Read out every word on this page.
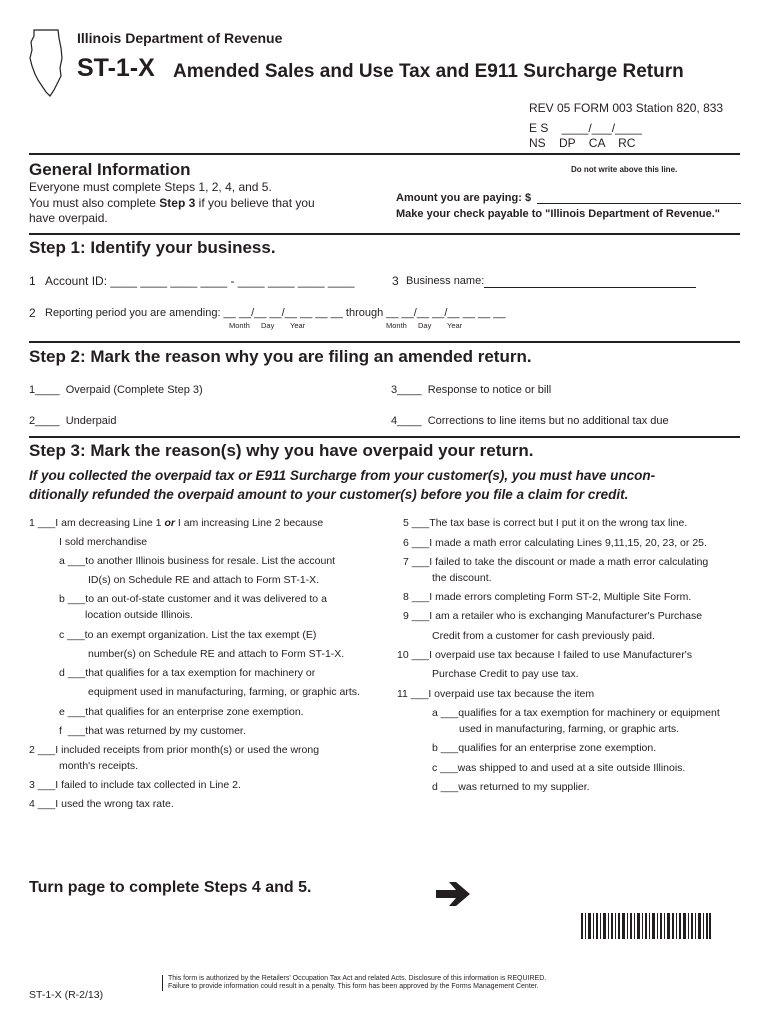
Illinois Department of Revenue
ST-1-X Amended Sales and Use Tax and E911 Surcharge Return
REV 05 FORM 003 Station 820, 833
E S    ____/___/____
NS    DP    CA    RC
General Information	Do not write above this line.
Everyone must complete Steps 1, 2, 4, and 5.
You must also complete Step 3 if you believe that you
have overpaid.
Amount you are paying: $
Make your check payable to "Illinois Department of Revenue."
Step 1: Identify your business.
1 Account ID: ____ ____ ____ ____ - ____ ____ ____ ____	3 Business name:
2 Reporting period you are amending: __ __/__ __/__ __ __ __ through __ __/__ __/__ __ __ __
Month Day Year	Month Day Year
Step 2: Mark the reason why you are filing an amended return.
1____  Overpaid (Complete Step 3)
2____  Underpaid
3____  Response to notice or bill
4____  Corrections to line items but no additional tax due
Step 3: Mark the reason(s) why you have overpaid your return.
If you collected the overpaid tax or E911 Surcharge from your customer(s), you must have uncon-
ditionally refunded the overpaid amount to your customer(s) before you file a claim for credit.
1 ___I am decreasing Line 1 or I am increasing Line 2 because
I sold merchandise
a ___to another Illinois business for resale. List the account
ID(s) on Schedule RE and attach to Form ST-1-X.
b ___to an out-of-state customer and it was delivered to a
location outside Illinois.
c ___to an exempt organization. List the tax exempt (E)
number(s) on Schedule RE and attach to Form ST-1-X.
d ___that qualifies for a tax exemption for machinery or
equipment used in manufacturing, farming, or graphic arts.
e ___that qualifies for an enterprise zone exemption.
f  ___that was returned by my customer.
2 ___I included receipts from prior month(s) or used the wrong
month's receipts.
3 ___I failed to include tax collected in Line 2.
4 ___I used the wrong tax rate.
5 ___The tax base is correct but I put it on the wrong tax line.
6 ___I made a math error calculating Lines 9,11,15, 20, 23, or 25.
7 ___I failed to take the discount or made a math error calculating
the discount.
8 ___I made errors completing Form ST-2, Multiple Site Form.
9 ___I am a retailer who is exchanging Manufacturer's Purchase
Credit from a customer for cash previously paid.
10 ___I overpaid use tax because I failed to use Manufacturer's
Purchase Credit to pay use tax.
11 ___I overpaid use tax because the item
a ___qualifies for a tax exemption for machinery or equipment
used in manufacturing, farming, or graphic arts.
b ___qualifies for an enterprise zone exemption.
c ___was shipped to and used at a site outside Illinois.
d ___was returned to my supplier.
Turn page to complete Steps 4 and 5.
ST-1-X (R-2/13)
This form is authorized by the Retailers' Occupation Tax Act and related Acts. Disclosure of this information is REQUIRED.
Failure to provide information could result in a penalty. This form has been approved by the Forms Management Center.
